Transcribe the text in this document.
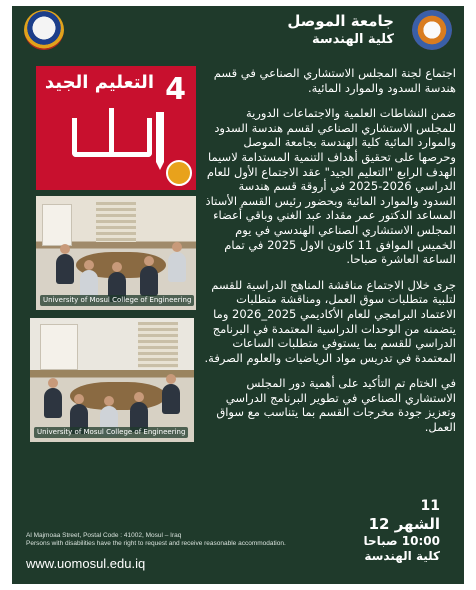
جامعة الموصل
كلية الهندسة
التعليم الجيد 4
University of Mosul College of Engineering
University of Mosul College of Engineering

اجتماع لجنة المجلس الاستشاري الصناعي في قسم هندسة السدود والموارد المائية.

ضمن النشاطات العلمية والاجتماعات الدورية للمجلس الاستشاري الصناعي لقسم هندسة السدود والموارد المائية كلية الهندسة بجامعة الموصل وحرصها على تحقيق أهداف التنمية المستدامة لاسيما الهدف الرابع "التعليم الجيد" عقد الاجتماع الأول للعام الدراسي 2026-2025 في أروقة قسم هندسة السدود والموارد المائية وبحضور رئيس القسم الأستاذ المساعد الدكتور عمر مقداد عبد الغني وباقي أعضاء المجلس الاستشاري الصناعي الهندسي في يوم الخميس الموافق 11 كانون الاول 2025 في تمام الساعة العاشرة صباحا.

جرى خلال الاجتماع مناقشة المناهج الدراسية للقسم لتلبية متطلبات سوق العمل، ومناقشة متطلبات الاعتماد البرامجي للعام الأكاديمي 2025_2026 وما يتضمنه من الوحدات الدراسية المعتمدة في البرنامج الدراسي للقسم بما يستوفي متطلبات الساعات المعتمدة في تدريس مواد الرياضيات والعلوم الصرفة.

في الختام تم التأكيد على أهمية دور المجلس الاستشاري الصناعي في تطوير البرنامج الدراسي وتعزيز جودة مخرجات القسم بما يتناسب مع سواق العمل.

11
الشهر 12
10:00 صباحا
كلية الهندسة
Al Majmoaa Street, Postal Code : 41002, Mosul – Iraq
Persons with disabilities have the right to request and receive reasonable accommodation.
www.uomosul.edu.iq
